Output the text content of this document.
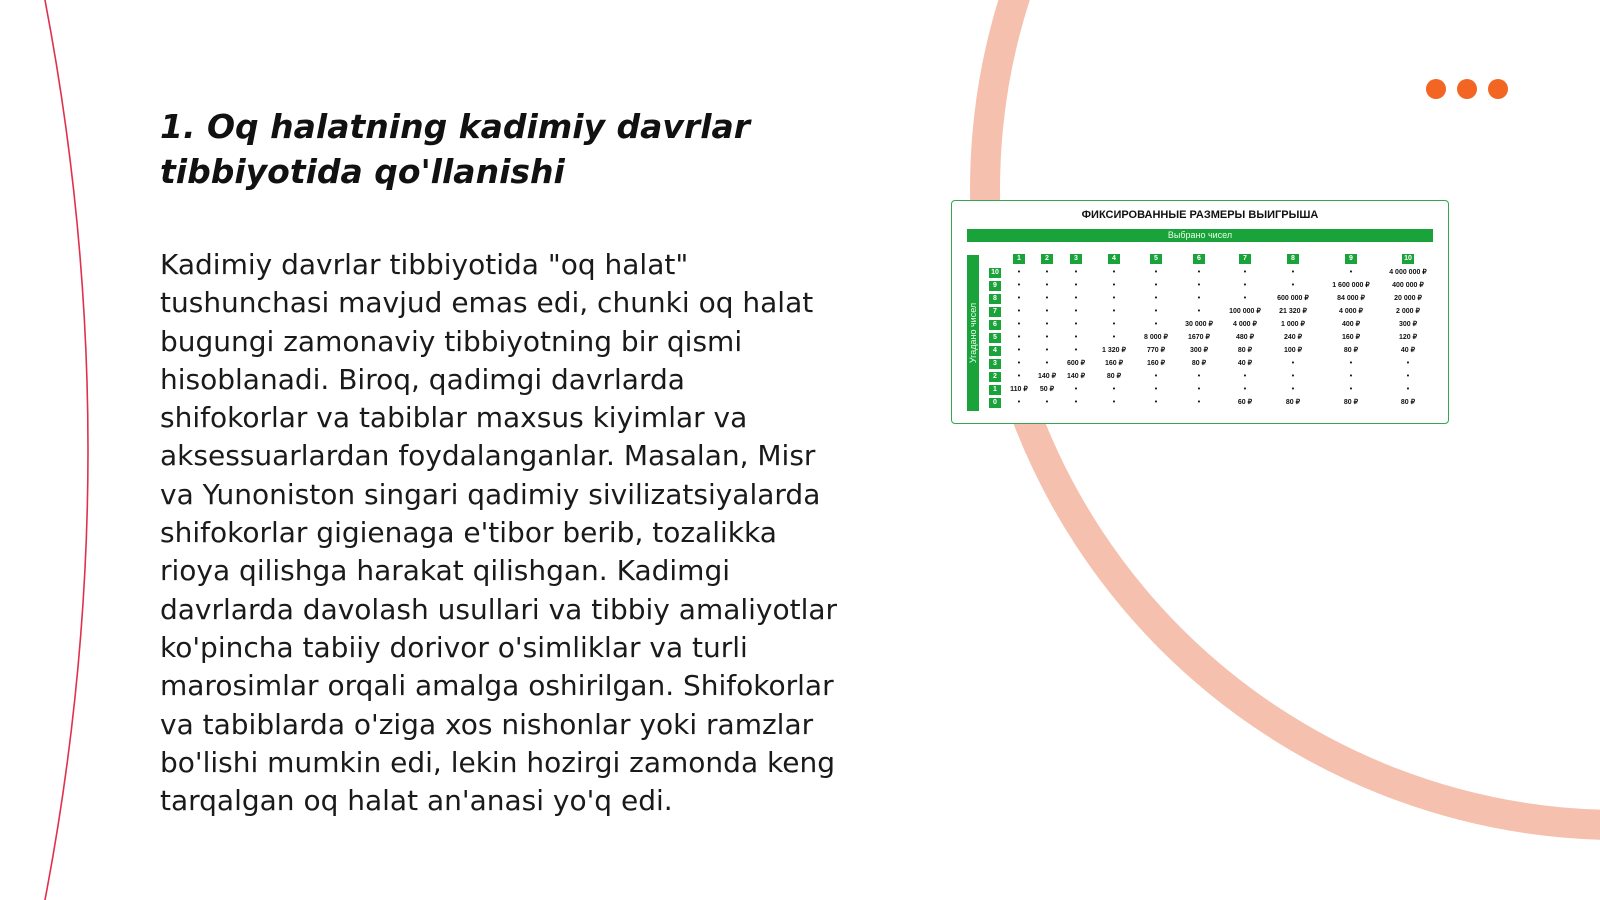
1. Oq halatning kadimiy davrlar tibbiyotida qo'llanishi

Kadimiy davrlar tibbiyotida "oq halat" tushunchasi mavjud emas edi, chunki oq halat bugungi zamonaviy tibbiyotning bir qismi hisoblanadi. Biroq, qadimgi davrlarda shifokorlar va tabiblar maxsus kiyimlar va aksessuarlardan foydalanganlar. Masalan, Misr va Yunoniston singari qadimiy sivilizatsiyalarda shifokorlar gigienaga e'tibor berib, tozalikka rioya qilishga harakat qilishgan. Kadimgi davrlarda davolash usullari va tibbiy amaliyotlar ko'pincha tabiiy dorivor o'simliklar va turli marosimlar orqali amalga oshirilgan. Shifokorlar va tabiblarda o'ziga xos nishonlar yoki ramzlar bo'lishi mumkin edi, lekin hozirgi zamonda keng tarqalgan oq halat an'anasi yo'q edi.

ФИКСИРОВАННЫЕ РАЗМЕРЫ ВЫИГРЫША
Выбрано чисел
Угадано чисел
1	2	3	4	5	6	7	8	9	10
10	•	•	•	•	•	•	•	•	•	4 000 000 ₽
9	•	•	•	•	•	•	•	•	1 600 000 ₽	400 000 ₽
8	•	•	•	•	•	•	•	600 000 ₽	84 000 ₽	20 000 ₽
7	•	•	•	•	•	•	100 000 ₽	21 320 ₽	4 000 ₽	2 000 ₽
6	•	•	•	•	•	30 000 ₽	4 000 ₽	1 000 ₽	400 ₽	300 ₽
5	•	•	•	•	8 000 ₽	1670 ₽	480 ₽	240 ₽	160 ₽	120 ₽
4	•	•	•	1 320 ₽	770 ₽	300 ₽	80 ₽	100 ₽	80 ₽	40 ₽
3	•	•	600 ₽	160 ₽	160 ₽	80 ₽	40 ₽	•	•	•
2	•	140 ₽	140 ₽	80 ₽	•	•	•	•	•	•
1	110 ₽	50 ₽	•	•	•	•	•	•	•	•
0	•	•	•	•	•	•	60 ₽	80 ₽	80 ₽	80 ₽
